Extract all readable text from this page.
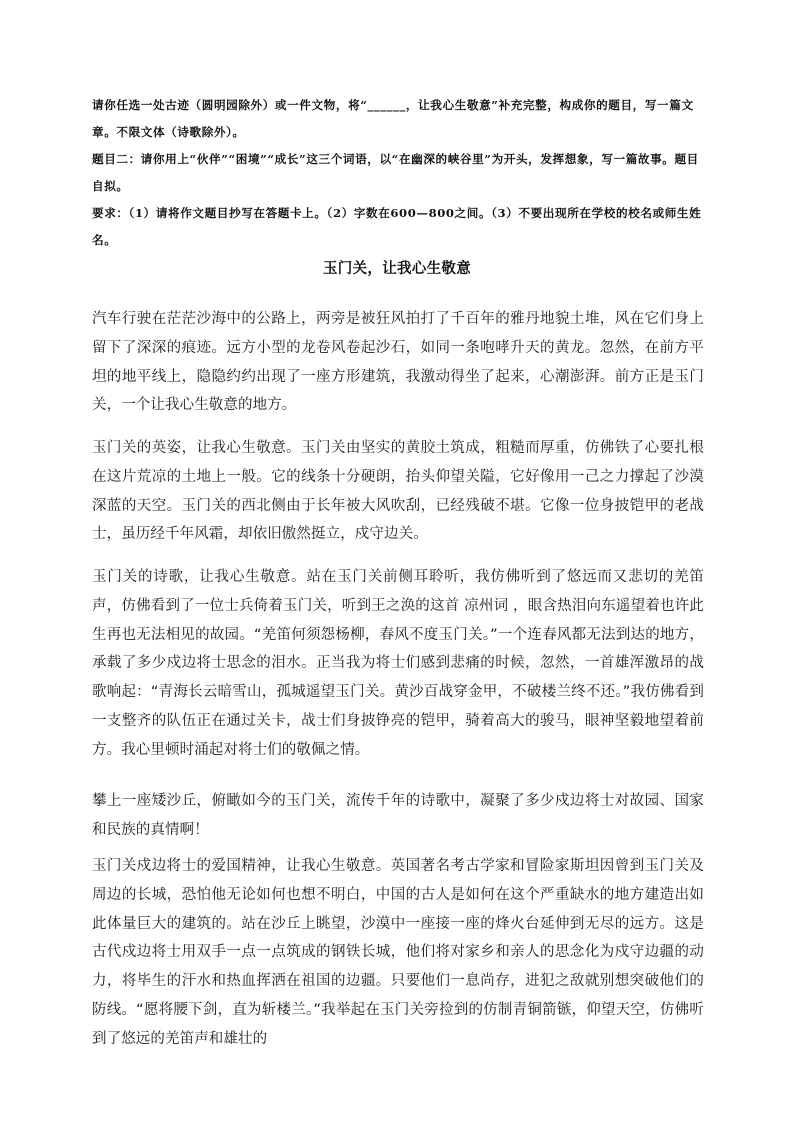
请你任选一处古迹（圆明园除外）或一件文物，将“______，让我心生敬意”补充完整，构成你的题目，写一篇文章。不限文体（诗歌除外）。

题目二：请你用上“伙伴”“困境”“成长”这三个词语，以“在幽深的峡谷里”为开头，发挥想象，写一篇故事。题目自拟。

要求：（1）请将作文题目抄写在答题卡上。（2）字数在600—800之间。（3）不要出现所在学校的校名或师生姓名。

玉门关，让我心生敬意

汽车行驶在茫茫沙海中的公路上，两旁是被狂风拍打了千百年的雅丹地貌土堆，风在它们身上留下了深深的痕迹。远方小型的龙卷风卷起沙石，如同一条咆哮升天的黄龙。忽然，在前方平坦的地平线上，隐隐约约出现了一座方形建筑，我激动得坐了起来，心潮澎湃。前方正是玉门关，一个让我心生敬意的地方。

玉门关的英姿，让我心生敬意。玉门关由坚实的黄胶土筑成，粗糙而厚重，仿佛铁了心要扎根在这片荒凉的土地上一般。它的线条十分硬朗，抬头仰望关隘，它好像用一己之力撑起了沙漠深蓝的天空。玉门关的西北侧由于长年被大风吹刮，已经残破不堪。它像一位身披铠甲的老战士，虽历经千年风霜，却依旧傲然挺立，戍守边关。

玉门关的诗歌，让我心生敬意。站在玉门关前侧耳聆听，我仿佛听到了悠远而又悲切的羌笛声，仿佛看到了一位士兵倚着玉门关，听到王之涣的这首 凉州词 ，眼含热泪向东遥望着也许此生再也无法相见的故园。“羌笛何须怨杨柳，春风不度玉门关。”一个连春风都无法到达的地方，承载了多少戍边将士思念的泪水。正当我为将士们感到悲痛的时候，忽然，一首雄浑激昂的战歌响起：“青海长云暗雪山，孤城遥望玉门关。黄沙百战穿金甲，不破楼兰终不还。”我仿佛看到一支整齐的队伍正在通过关卡，战士们身披铮亮的铠甲，骑着高大的骏马，眼神坚毅地望着前方。我心里顿时涌起对将士们的敬佩之情。

攀上一座矮沙丘，俯瞰如今的玉门关，流传千年的诗歌中，凝聚了多少戍边将士对故园、国家和民族的真情啊！

玉门关戍边将士的爱国精神，让我心生敬意。英国著名考古学家和冒险家斯坦因曾到玉门关及周边的长城，恐怕他无论如何也想不明白，中国的古人是如何在这个严重缺水的地方建造出如此体量巨大的建筑的。站在沙丘上眺望，沙漠中一座接一座的烽火台延伸到无尽的远方。这是古代戍边将士用双手一点一点筑成的钢铁长城，他们将对家乡和亲人的思念化为戍守边疆的动力，将毕生的汗水和热血挥洒在祖国的边疆。只要他们一息尚存，进犯之敌就别想突破他们的防线。“愿将腰下剑，直为斩楼兰。”我举起在玉门关旁捡到的仿制青铜箭镞，仰望天空，仿佛听到了悠远的羌笛声和雄壮的
